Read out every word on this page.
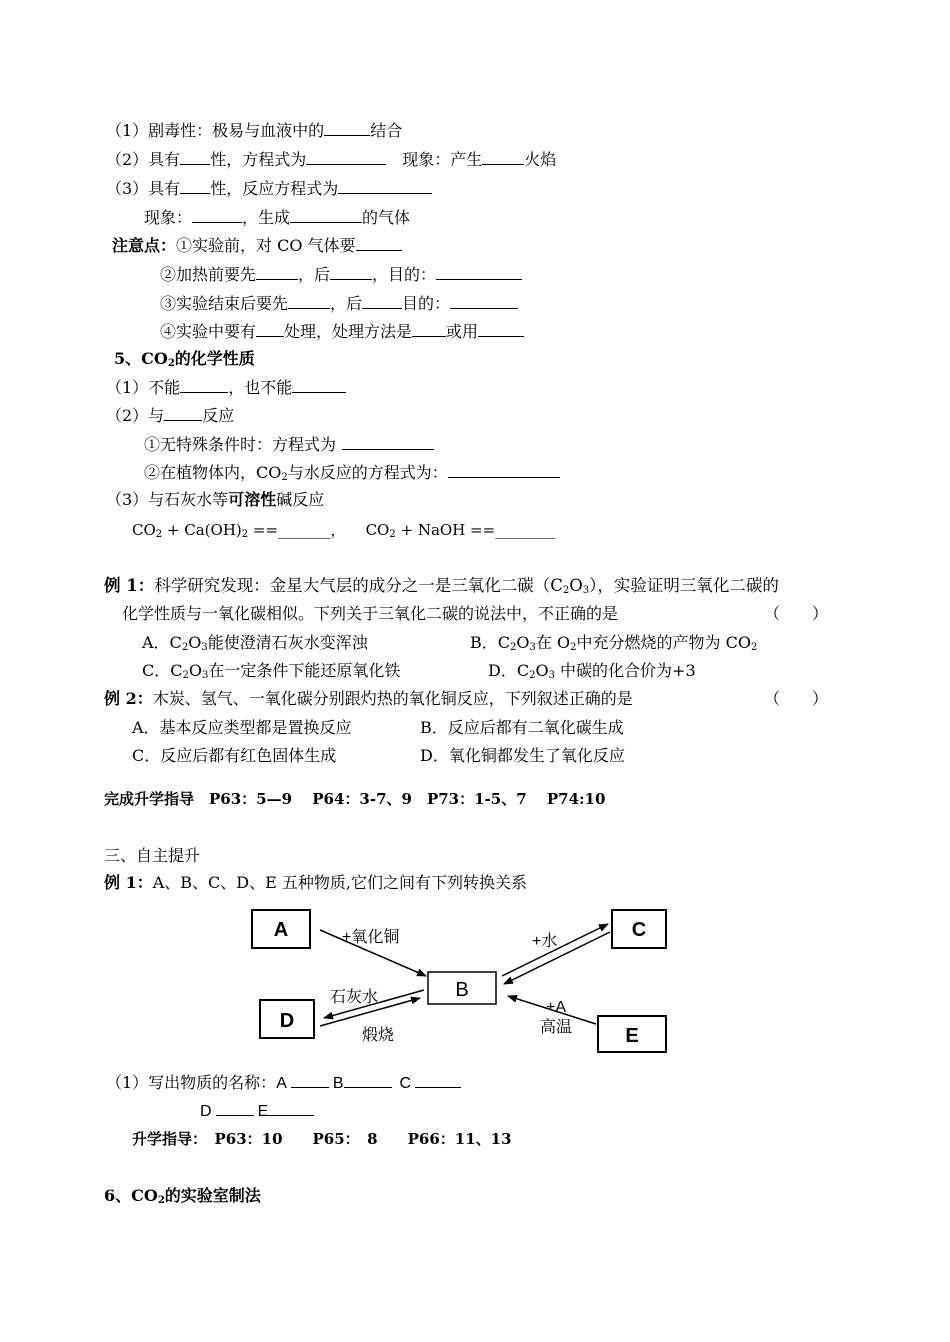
（1）剧毒性：极易与血液中的	结合
（2）具有 性，方程式为	现象：产生	火焰
（3）具有 性，反应方程式为
现象：	，生成	的气体
注意点：①实验前，对 CO 气体要
②加热前要先	，后	，目的：
③实验结束后要先	，后	目的：
④实验中要有 处理，处理方法是 或用
5、$CO_2$的化学性质
（1）不能	，也不能
（2）与 反应
①无特殊条件时：方程式为
②在植物体内，$CO_2$与水反应的方程式为：
（3）与石灰水等可溶性碱反应
$CO_2 + Ca(OH)_2$ ==_______， $CO_2$ + NaOH ==________
例 1：科学研究发现：金星大气层的成分之一是三氧化二碳$(C_2O_3)$，实验证明三氧化二碳的
化学性质与一氧化碳相似。下列关于三氧化二碳的说法中，不正确的是	（　　）
A．$C_2O_3$能使澄清石灰水变浑浊	B．$C_2O_3$在 $O_2$中充分燃烧的产物为 $CO_2$
C．$C_2O_3$在一定条件下能还原氧化铁	D．$C_2O_3$ 中碳的化合价为+3
例 2：木炭、氢气、一氧化碳分别跟灼热的氧化铜反应，下列叙述正确的是	（　　）
A．基本反应类型都是置换反应	B．反应后都有二氧化碳生成
C．反应后都有红色固体生成	D．氧化铜都发生了氧化反应
完成升学指导　P63：5—9　 P64：3-7、9　P73：1-5、7　 P74:10
三、自主提升
例 1：A、B、C、D、E 五种物质,它们之间有下列转换关系
A
B
C
D
E
+氧化铜	+水
石灰水
煅烧
+A
高温
（1）写出物质的名称：A	B	C
D	E
升学指导：　P63：10　　P65：　8　　P66：11、13
6、$CO_2$的实验室制法
